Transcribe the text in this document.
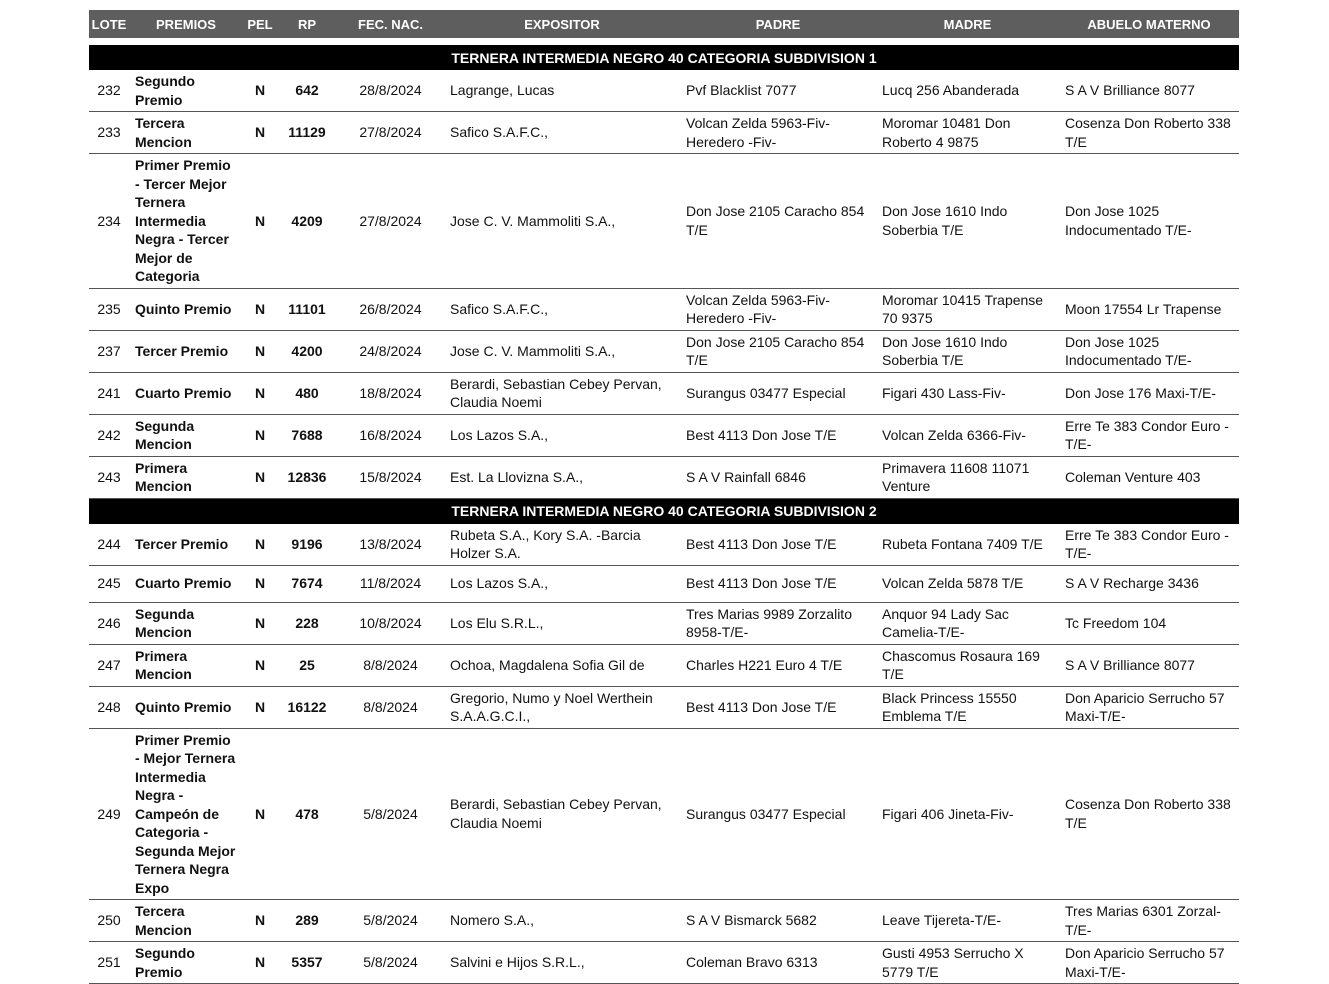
LOTE	PREMIOS	PEL	RP	FEC. NAC.	EXPOSITOR	PADRE	MADRE	ABUELO MATERNO

TERNERA INTERMEDIA NEGRO 40 CATEGORIA SUBDIVISION 1								
232	Segundo Premio	N	642	28/8/2024	Lagrange, Lucas	Pvf Blacklist 7077	Lucq 256 Abanderada	S A V Brilliance 8077
233	Tercera Mencion	N	11129	27/8/2024	Safico S.A.F.C.,	Volcan Zelda 5963-Fiv- Heredero -Fiv-	Moromar 10481 Don Roberto 4 9875	Cosenza Don Roberto 338 T/E
234	Primer Premio - Tercer Mejor Ternera Intermedia Negra - Tercer Mejor de Categoria	N	4209	27/8/2024	Jose C. V. Mammoliti S.A.,	Don Jose 2105 Caracho 854 T/E	Don Jose 1610 Indo Soberbia T/E	Don Jose 1025 Indocumentado T/E-
235	Quinto Premio	N	11101	26/8/2024	Safico S.A.F.C.,	Volcan Zelda 5963-Fiv- Heredero -Fiv-	Moromar 10415 Trapense 70 9375	Moon 17554 Lr Trapense
237	Tercer Premio	N	4200	24/8/2024	Jose C. V. Mammoliti S.A.,	Don Jose 2105 Caracho 854 T/E	Don Jose 1610 Indo Soberbia T/E	Don Jose 1025 Indocumentado T/E-
241	Cuarto Premio	N	480	18/8/2024	Berardi, Sebastian Cebey Pervan, Claudia Noemi	Surangus 03477 Especial	Figari 430 Lass-Fiv-	Don Jose 176 Maxi-T/E-
242	Segunda Mencion	N	7688	16/8/2024	Los Lazos S.A.,	Best 4113 Don Jose T/E	Volcan Zelda 6366-Fiv-	Erre Te 383 Condor Euro -T/E-
243	Primera Mencion	N	12836	15/8/2024	Est. La Llovizna S.A.,	S A V Rainfall 6846	Primavera 11608 11071 Venture	Coleman Venture 403
TERNERA INTERMEDIA NEGRO 40 CATEGORIA SUBDIVISION 2								
244	Tercer Premio	N	9196	13/8/2024	Rubeta S.A., Kory S.A. -Barcia Holzer S.A.	Best 4113 Don Jose T/E	Rubeta Fontana 7409 T/E	Erre Te 383 Condor Euro -T/E-
245	Cuarto Premio	N	7674	11/8/2024	Los Lazos S.A.,	Best 4113 Don Jose T/E	Volcan Zelda 5878 T/E	S A V Recharge 3436
246	Segunda Mencion	N	228	10/8/2024	Los Elu S.R.L.,	Tres Marias 9989 Zorzalito 8958-T/E-	Anquor 94 Lady Sac Camelia-T/E-	Tc Freedom 104
247	Primera Mencion	N	25	8/8/2024	Ochoa, Magdalena Sofia Gil de	Charles H221 Euro 4 T/E	Chascomus Rosaura 169 T/E	S A V Brilliance 8077
248	Quinto Premio	N	16122	8/8/2024	Gregorio, Numo y Noel Werthein S.A.A.G.C.I.,	Best 4113 Don Jose T/E	Black Princess 15550 Emblema T/E	Don Aparicio Serrucho 57 Maxi-T/E-
249	Primer Premio - Mejor Ternera Intermedia Negra - Campeón de Categoria - Segunda Mejor Ternera Negra Expo	N	478	5/8/2024	Berardi, Sebastian Cebey Pervan, Claudia Noemi	Surangus 03477 Especial	Figari 406 Jineta-Fiv-	Cosenza Don Roberto 338 T/E
250	Tercera Mencion	N	289	5/8/2024	Nomero S.A.,	S A V Bismarck 5682	Leave Tijereta-T/E-	Tres Marias 6301 Zorzal-T/E-
251	Segundo Premio	N	5357	5/8/2024	Salvini e Hijos S.R.L.,	Coleman Bravo 6313	Gusti 4953 Serrucho X 5779 T/E	Don Aparicio Serrucho 57 Maxi-T/E-
